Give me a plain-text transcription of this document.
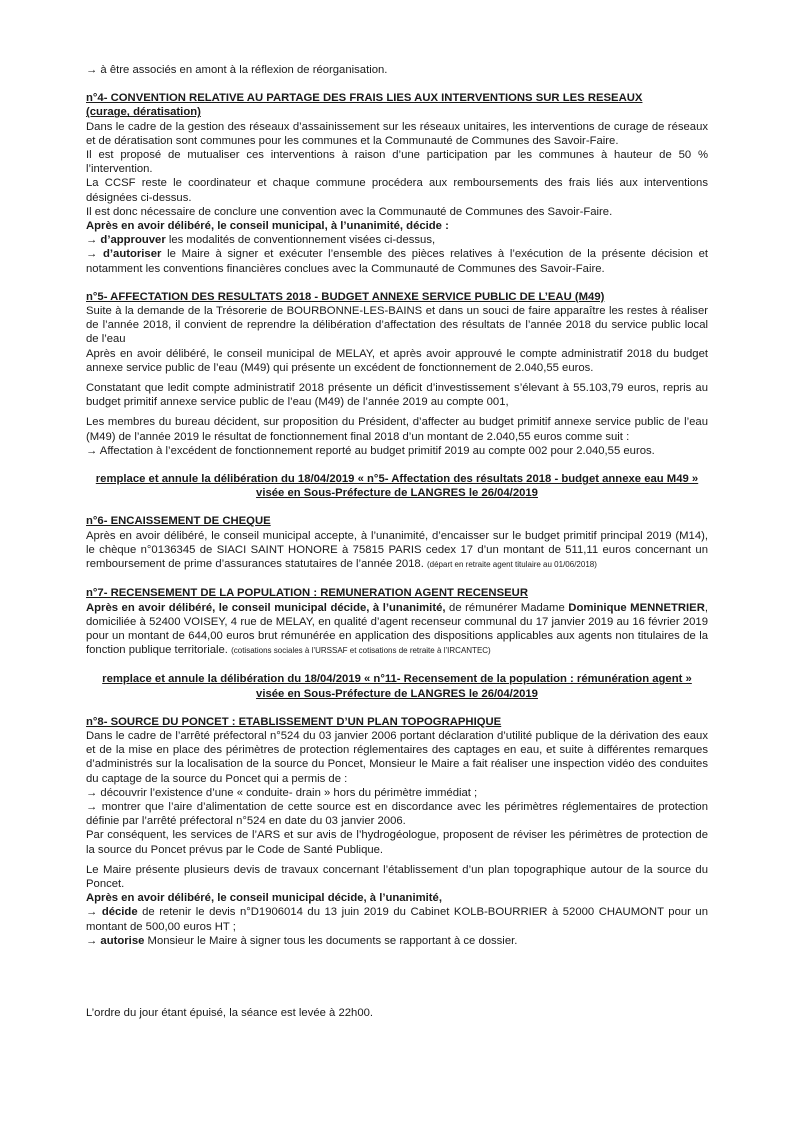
→ à être associés en amont à la réflexion de réorganisation.

n°4- CONVENTION RELATIVE AU PARTAGE DES FRAIS LIES AUX INTERVENTIONS SUR LES RESEAUX

(curage, dératisation)

Dans le cadre de la gestion des réseaux d’assainissement sur les réseaux unitaires, les interventions de curage de réseaux et de dératisation sont communes pour les communes et la Communauté de Communes des Savoir-Faire.

Il est proposé de mutualiser ces interventions à raison d’une participation par les communes à hauteur de 50 % l’intervention.

La CCSF reste le coordinateur et chaque commune procédera aux remboursements des frais liés aux interventions désignées ci-dessus.

Il est donc nécessaire de conclure une convention avec la Communauté de Communes des Savoir-Faire.

Après en avoir délibéré, le conseil municipal, à l’unanimité, décide :

→ d’approuver les modalités de conventionnement visées ci-dessus,

→ d’autoriser le Maire à signer et exécuter l’ensemble des pièces relatives à l’exécution de la présente décision et notamment les conventions financières conclues avec la Communauté de Communes des Savoir-Faire.

n°5- AFFECTATION DES RESULTATS 2018 - BUDGET ANNEXE SERVICE PUBLIC DE L’EAU (M49)

Suite à la demande de la Trésorerie de BOURBONNE-LES-BAINS et dans un souci de faire apparaître les restes à réaliser de l’année 2018, il convient de reprendre la délibération d’affectation des résultats de l’année 2018 du service public local de l’eau

Après en avoir délibéré, le conseil municipal de MELAY, et après avoir approuvé le compte administratif 2018 du budget annexe service public de l’eau (M49) qui présente un excédent de fonctionnement de 2.040,55 euros.

Constatant que ledit compte administratif 2018 présente un déficit d’investissement s’élevant à 55.103,79 euros, repris au budget primitif annexe service public de l’eau (M49) de l’année 2019 au compte 001,

Les membres du bureau décident, sur proposition du Président, d’affecter au budget primitif annexe service public de l’eau (M49) de l’année 2019 le résultat de fonctionnement final 2018 d’un montant de 2.040,55 euros comme suit :

→ Affectation à l’excédent de fonctionnement reporté au budget primitif 2019 au compte 002 pour 2.040,55 euros.

remplace et annule la délibération du 18/04/2019 « n°5- Affectation des résultats 2018 - budget annexe eau M49 »

visée en Sous-Préfecture de LANGRES le 26/04/2019

n°6- ENCAISSEMENT DE CHEQUE

Après en avoir délibéré, le conseil municipal accepte, à l’unanimité, d’encaisser sur le budget primitif principal 2019 (M14), le chèque n°0136345 de SIACI SAINT HONORE à 75815 PARIS cedex 17 d’un montant de 511,11 euros concernant un remboursement de prime d’assurances statutaires de l’année 2018. (départ en retraite agent titulaire au 01/06/2018)

n°7- RECENSEMENT DE LA POPULATION : REMUNERATION AGENT RECENSEUR

Après en avoir délibéré, le conseil municipal décide, à l’unanimité, de rémunérer Madame Dominique MENNETRIER, domiciliée à 52400 VOISEY, 4 rue de MELAY, en qualité d’agent recenseur communal du 17 janvier 2019 au 16 février 2019 pour un montant de 644,00 euros brut rémunérée en application des dispositions applicables aux agents non titulaires de la fonction publique territoriale. (cotisations sociales à l’URSSAF et cotisations de retraite à l’IRCANTEC)

remplace et annule la délibération du 18/04/2019 « n°11- Recensement de la population : rémunération agent »

visée en Sous-Préfecture de LANGRES le 26/04/2019

n°8- SOURCE DU PONCET : ETABLISSEMENT D’UN PLAN TOPOGRAPHIQUE

Dans le cadre de l’arrêté préfectoral n°524 du 03 janvier 2006 portant déclaration d’utilité publique de la dérivation des eaux et de la mise en place des périmètres de protection réglementaires des captages en eau, et suite à différentes remarques d’administrés sur la localisation de la source du Poncet, Monsieur le Maire a fait réaliser une inspection vidéo des conduites du captage de la source du Poncet qui a permis de :

→ découvrir l’existence d’une « conduite- drain » hors du périmètre immédiat ;

→ montrer que l’aire d’alimentation de cette source est en discordance avec les périmètres réglementaires de protection définie par l’arrêté préfectoral n°524 en date du 03 janvier 2006.

Par conséquent, les services de l’ARS et sur avis de l’hydrogéologue, proposent de réviser les périmètres de protection de la source du Poncet prévus par le Code de Santé Publique.

Le Maire présente plusieurs devis de travaux concernant l’établissement d’un plan topographique autour de la source du Poncet.

Après en avoir délibéré, le conseil municipal décide, à l’unanimité,

→ décide de retenir le devis n°D1906014 du 13 juin 2019 du Cabinet KOLB-BOURRIER à 52000 CHAUMONT pour un montant de 500,00 euros HT ;

→ autorise Monsieur le Maire à signer tous les documents se rapportant à ce dossier.

L’ordre du jour étant épuisé, la séance est levée à 22h00.
